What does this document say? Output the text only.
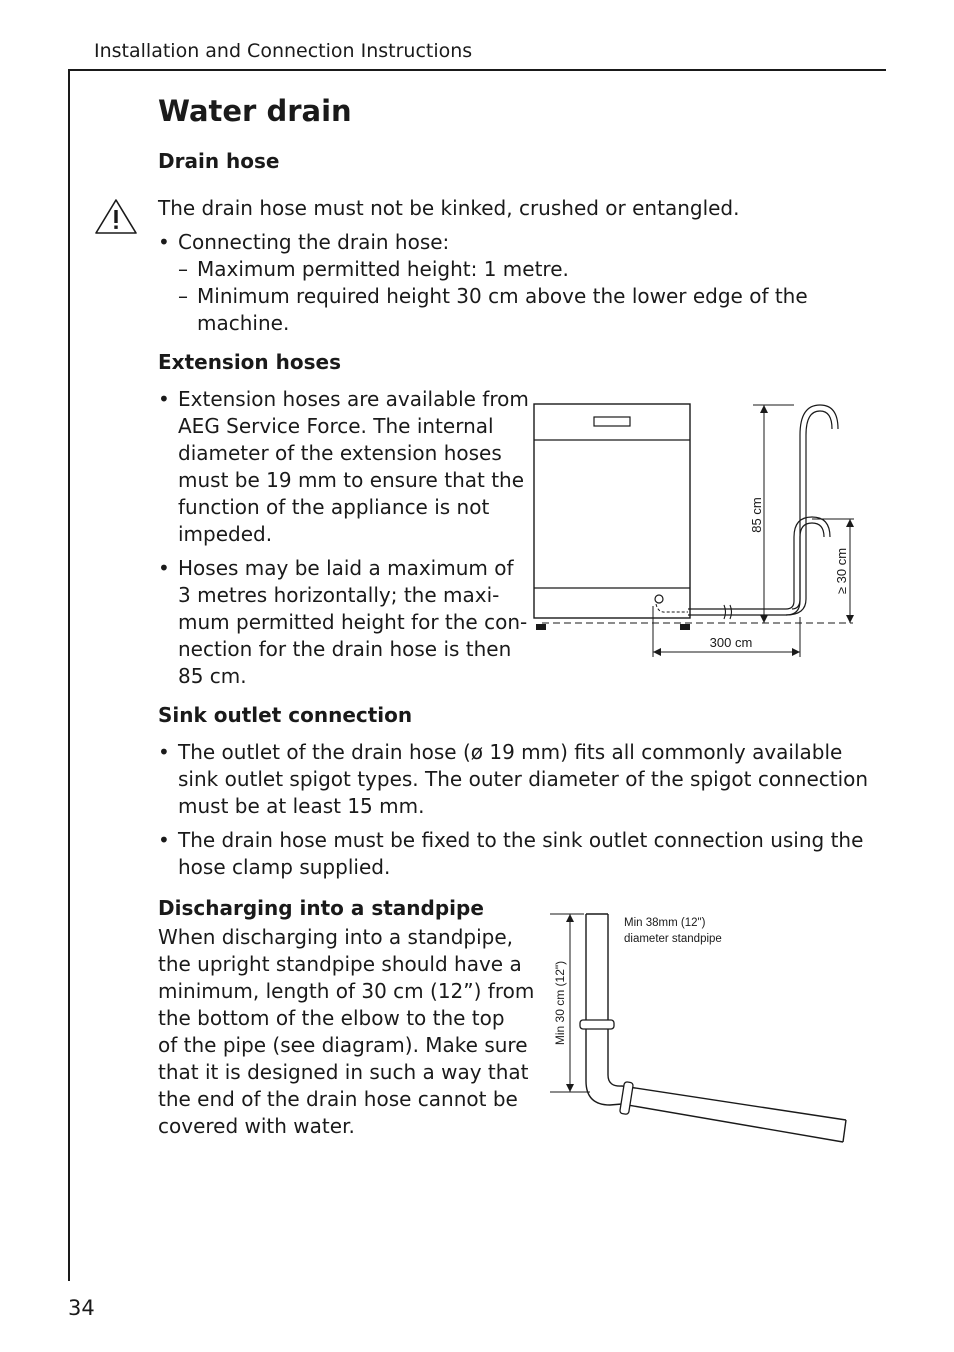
Installation and Connection Instructions
Water drain
Drain hose
The drain hose must not be kinked, crushed or entangled.
• Connecting the drain hose:
– Maximum permitted height: 1 metre.
– Minimum required height 30 cm above the lower edge of the
machine.
Extension hoses
• Extension hoses are available from
AEG Service Force. The internal
diameter of the extension hoses
must be 19 mm to ensure that the
function of the appliance is not
impeded.
• Hoses may be laid a maximum of
3 metres horizontally; the maxi-
mum permitted height for the con-
nection for the drain hose is then
85 cm.
85 cm
≥ 30 cm
300 cm
Sink outlet connection
• The outlet of the drain hose (ø 19 mm) fits all commonly available
sink outlet spigot types. The outer diameter of the spigot connection
must be at least 15 mm.
• The drain hose must be fixed to the sink outlet connection using the
hose clamp supplied.
Discharging into a standpipe
When discharging into a standpipe,
the upright standpipe should have a
minimum, length of 30 cm (12”) from
the bottom of the elbow to the top
of the pipe (see diagram). Make sure
that it is designed in such a way that
the end of the drain hose cannot be
covered with water.
Min 38mm (12")
diameter standpipe
Min 30 cm (12")
34
